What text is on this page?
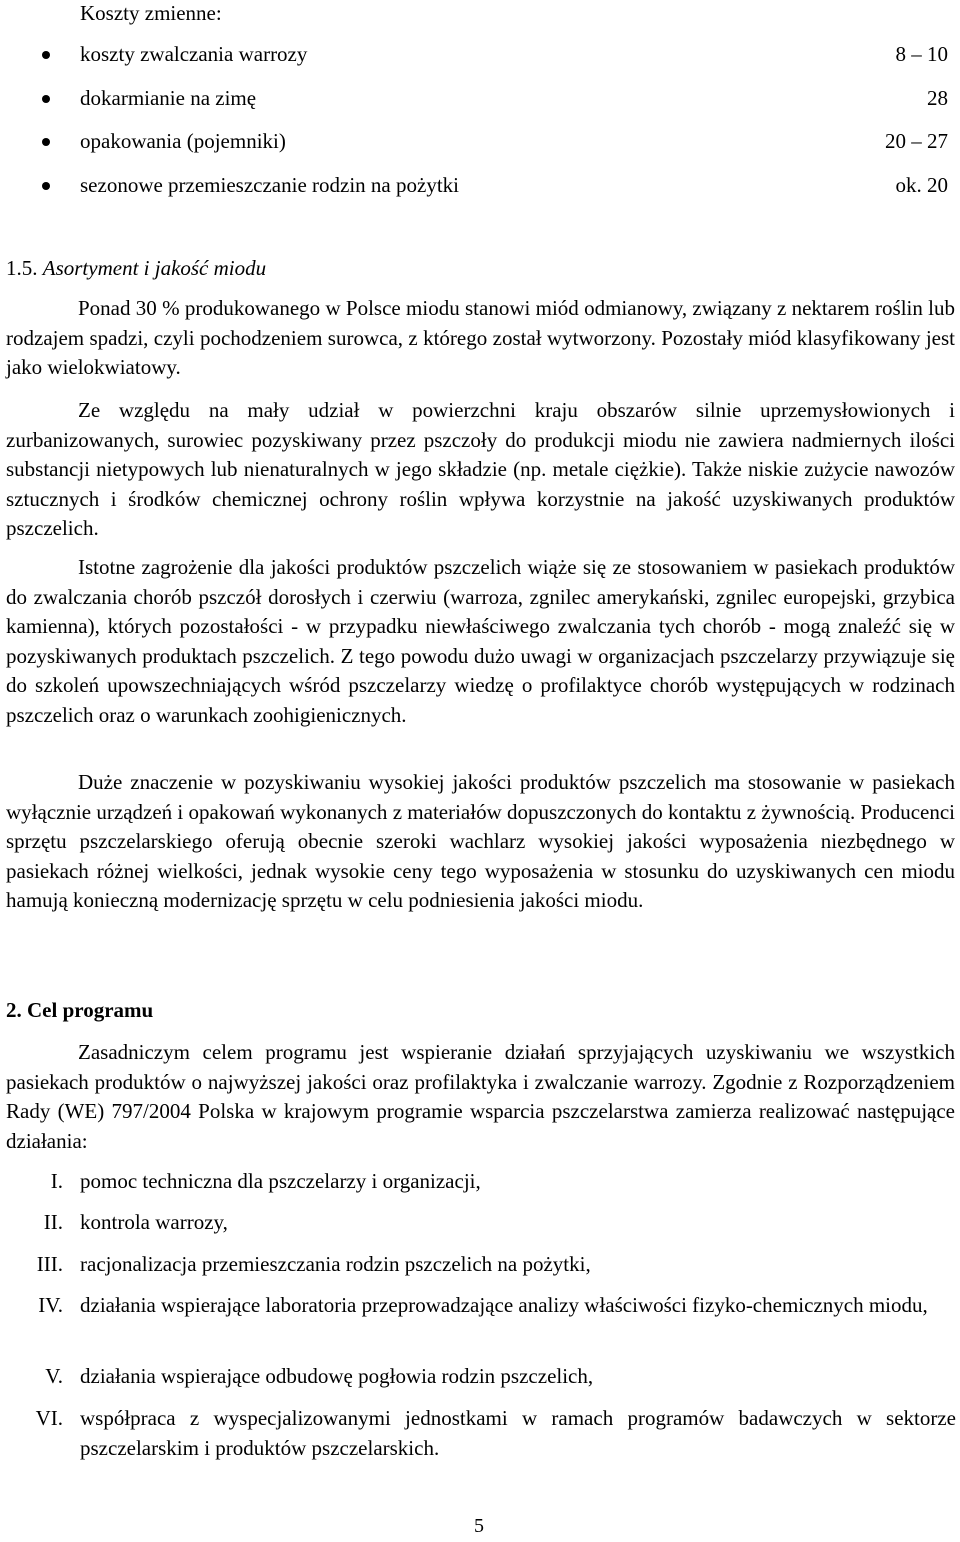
Koszty zmienne:
koszty zwalczania warrozy	8 – 10
dokarmianie na zimę	28
opakowania (pojemniki)	20 – 27
sezonowe przemieszczanie rodzin na pożytki	ok. 20
1.5. Asortyment i jakość miodu

Ponad 30 % produkowanego w Polsce miodu stanowi miód odmianowy, związany z nektarem roślin lub rodzajem spadzi, czyli pochodzeniem surowca, z którego został wytworzony. Pozostały miód klasyfikowany jest jako wielokwiatowy.

Ze względu na mały udział w powierzchni kraju obszarów silnie uprzemysłowionych i zurbanizowanych, surowiec pozyskiwany przez pszczoły do produkcji miodu nie zawiera nadmiernych ilości substancji nietypowych lub nienaturalnych w jego składzie (np. metale ciężkie). Także niskie zużycie nawozów sztucznych i środków chemicznej ochrony roślin wpływa korzystnie na jakość uzyskiwanych produktów pszczelich.

Istotne zagrożenie dla jakości produktów pszczelich wiąże się ze stosowaniem w pasiekach produktów do zwalczania chorób pszczół dorosłych i czerwiu (warroza, zgnilec amerykański, zgnilec europejski, grzybica kamienna), których pozostałości - w przypadku niewłaściwego zwalczania tych chorób - mogą znaleźć się w pozyskiwanych produktach pszczelich. Z tego powodu dużo uwagi w organizacjach pszczelarzy przywiązuje się do szkoleń upowszechniających wśród pszczelarzy wiedzę o profilaktyce chorób występujących w rodzinach pszczelich oraz o warunkach zoohigienicznych.

Duże znaczenie w pozyskiwaniu wysokiej jakości produktów pszczelich ma stosowanie w pasiekach wyłącznie urządzeń i opakowań wykonanych z materiałów dopuszczonych do kontaktu z żywnością. Producenci sprzętu pszczelarskiego oferują obecnie szeroki wachlarz wysokiej jakości wyposażenia niezbędnego w pasiekach różnej wielkości, jednak wysokie ceny tego wyposażenia w stosunku do uzyskiwanych cen miodu hamują konieczną modernizację sprzętu w celu podniesienia jakości miodu.

2. Cel programu

Zasadniczym celem programu jest wspieranie działań sprzyjających uzyskiwaniu we wszystkich pasiekach produktów o najwyższej jakości oraz profilaktyka i zwalczanie warrozy. Zgodnie z Rozporządzeniem Rady (WE) 797/2004 Polska w krajowym programie wsparcia pszczelarstwa zamierza realizować następujące działania:

I. pomoc techniczna dla pszczelarzy i organizacji,
II. kontrola warrozy,
III. racjonalizacja przemieszczania rodzin pszczelich na pożytki,
IV. działania wspierające laboratoria przeprowadzające analizy właściwości fizyko-chemicznych miodu,
V. działania wspierające odbudowę pogłowia rodzin pszczelich,
VI. współpraca z wyspecjalizowanymi jednostkami w ramach programów badawczych w sektorze pszczelarskim i produktów pszczelarskich.
5
